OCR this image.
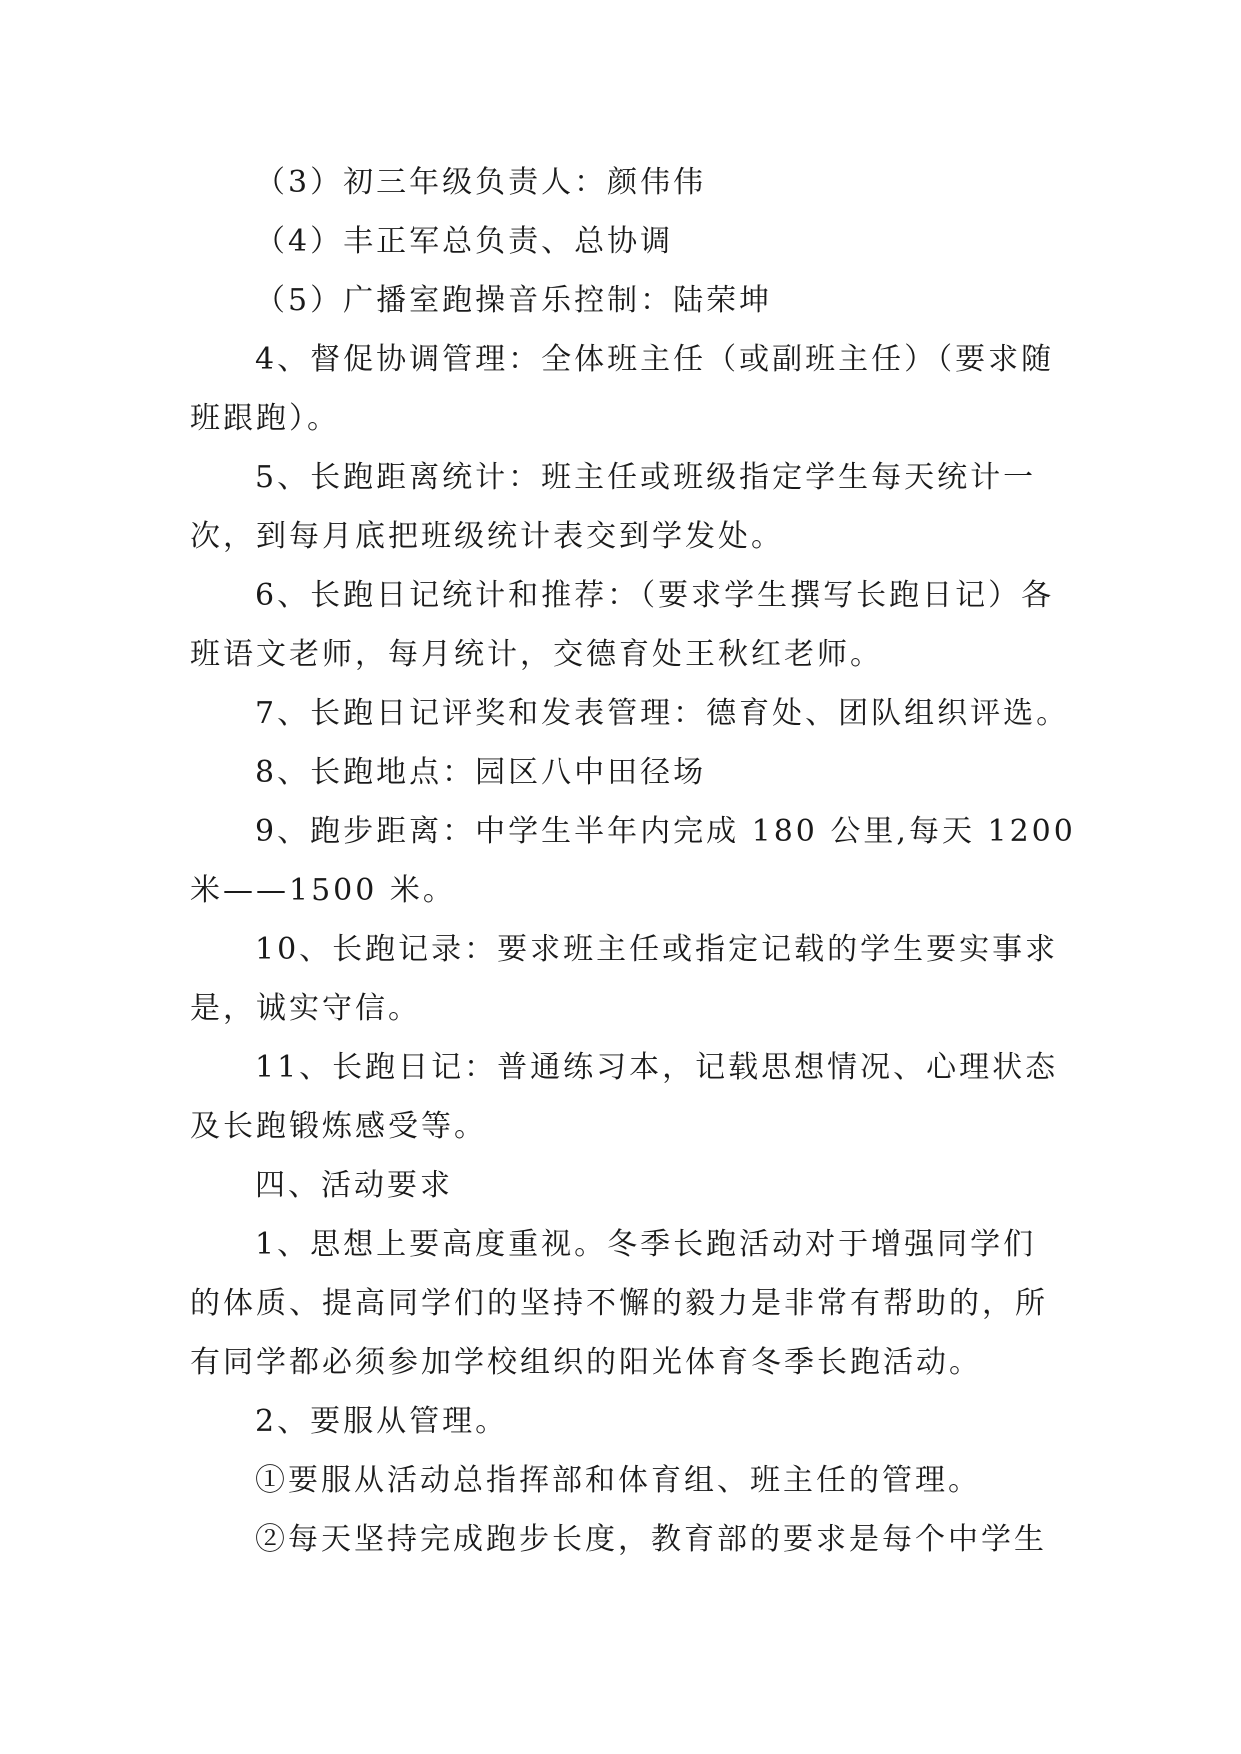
（3）初三年级负责人：颜伟伟
（4）丰正军总负责、总协调
（5）广播室跑操音乐控制：陆荣坤
4、督促协调管理：全体班主任（或副班主任）（要求随
班跟跑）。
5、长跑距离统计：班主任或班级指定学生每天统计一
次，到每月底把班级统计表交到学发处。
6、长跑日记统计和推荐：（要求学生撰写长跑日记）各
班语文老师，每月统计，交德育处王秋红老师。
7、长跑日记评奖和发表管理：德育处、团队组织评选。
8、长跑地点：园区八中田径场
9、跑步距离：中学生半年内完成 180 公里,每天 1200
米——1500 米。
10、长跑记录：要求班主任或指定记载的学生要实事求
是，诚实守信。
11、长跑日记：普通练习本，记载思想情况、心理状态
及长跑锻炼感受等。
四、活动要求
1、思想上要高度重视。冬季长跑活动对于增强同学们
的体质、提高同学们的坚持不懈的毅力是非常有帮助的，所
有同学都必须参加学校组织的阳光体育冬季长跑活动。
2、要服从管理。
①要服从活动总指挥部和体育组、班主任的管理。
②每天坚持完成跑步长度，教育部的要求是每个中学生
